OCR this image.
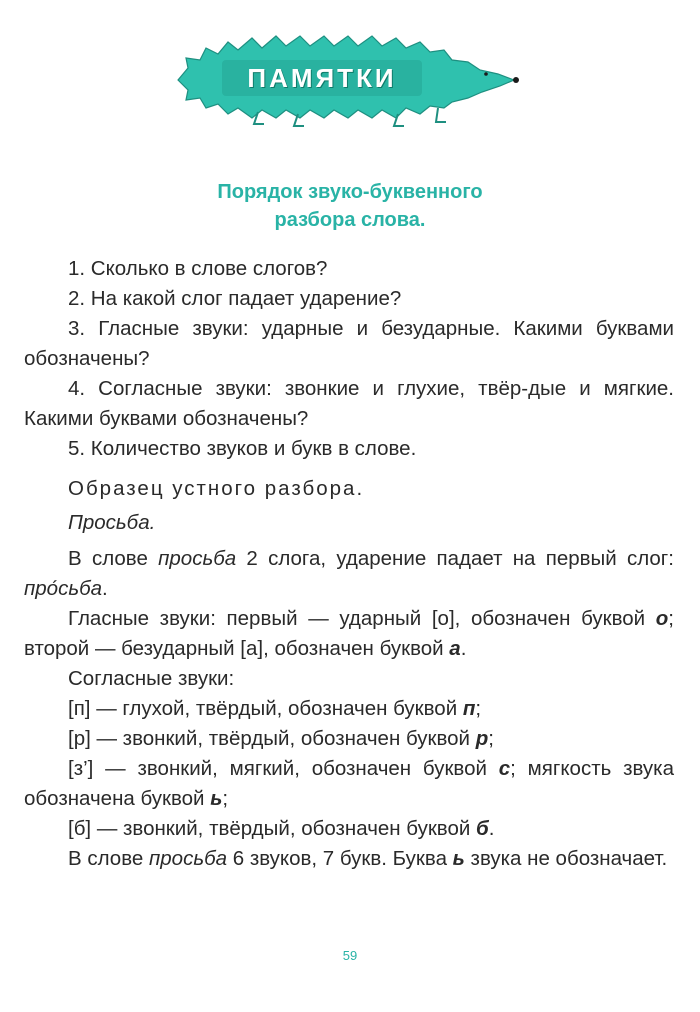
ПАМЯТКИ
Порядок звуко-буквенного
разбора слова.

1. Сколько в слове слогов?

2. На какой слог падает ударение?

3. Гласные звуки: ударные и безударные. Какими буквами обозначены?

4. Согласные звуки: звонкие и глухие, твёр-дые и мягкие. Какими буквами обозначены?

5. Количество звуков и букв в слове.

Образец устного разбора.

Просьба.

В слове просьба 2 слога, ударение падает на первый слог: про́сьба.

Гласные звуки: первый — ударный [о], обозначен буквой о; второй — безударный [а], обозначен буквой а.

Согласные звуки:

[п] — глухой, твёрдый, обозначен буквой п;

[р] — звонкий, твёрдый, обозначен буквой р;

[з’] — звонкий, мягкий, обозначен буквой с; мягкость звука обозначена буквой ь;

[б] — звонкий, твёрдый, обозначен буквой б.

В слове просьба 6 звуков, 7 букв. Буква ь звука не обозначает.

59
